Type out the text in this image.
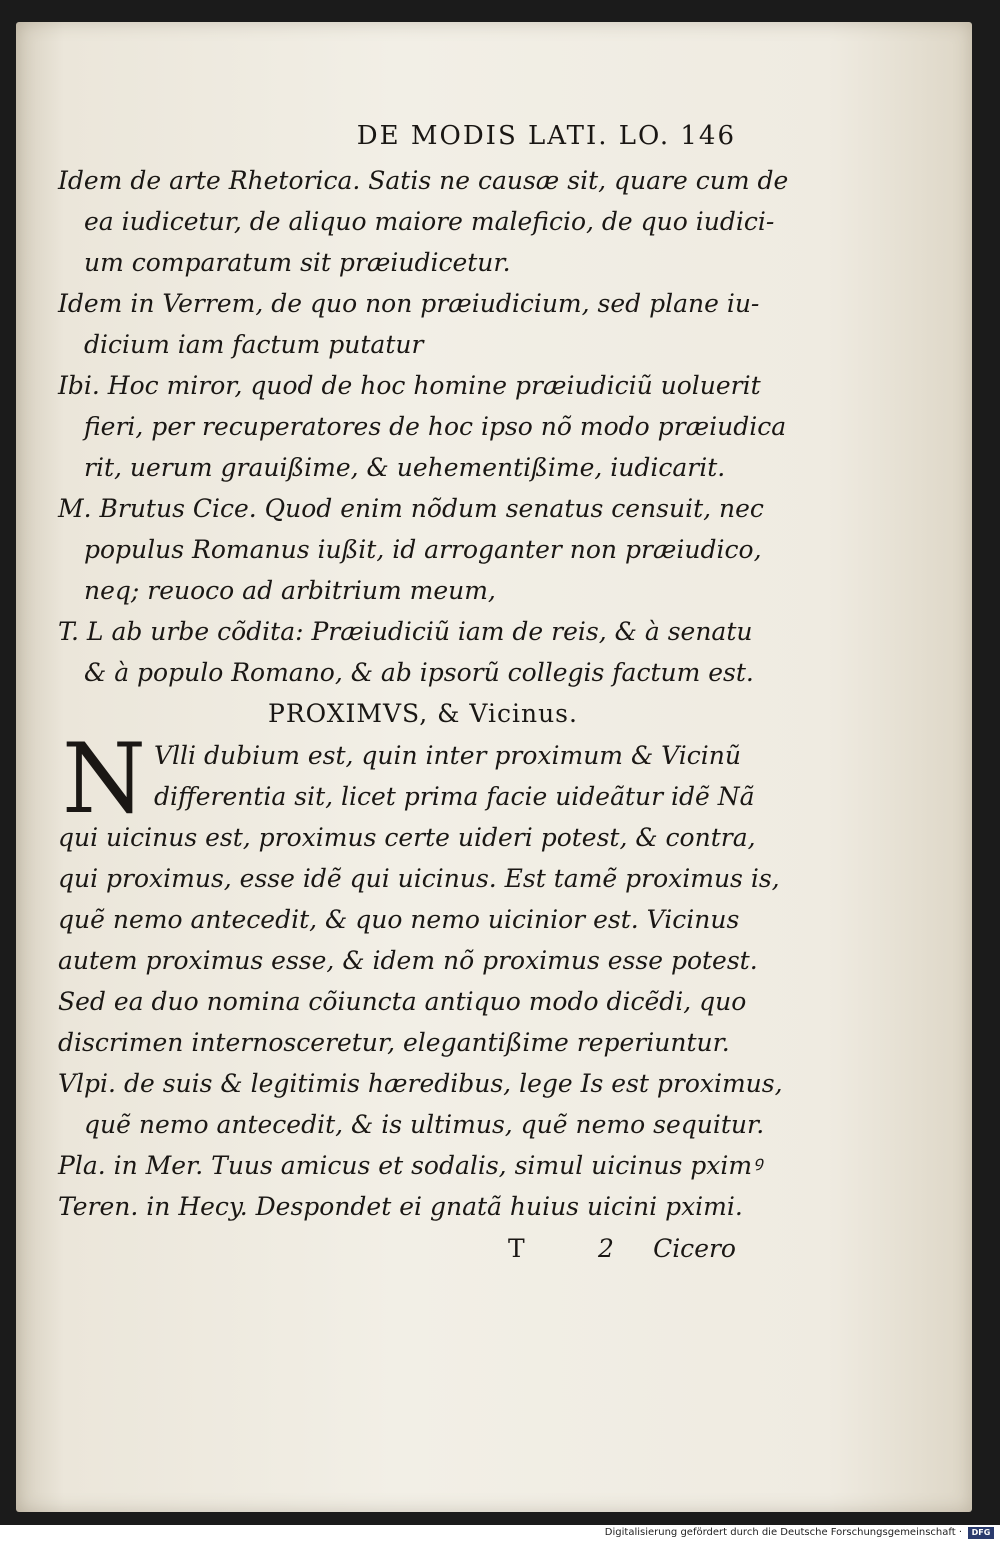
DE MODIS LATI. LO. 146
Idem de arte Rhetorica. Satis ne causæ sit, quare cum de
ea iudicetur, de aliquo maiore maleficio, de quo iudici-
um comparatum sit præiudicetur.
Idem in Verrem, de quo non præiudicium, sed plane iu-
dicium iam factum putatur
Ibi. Hoc miror, quod de hoc homine præiudiciũ uoluerit
fieri, per recuperatores de hoc ipso nõ modo præiudica
rit, uerum grauißime, & uehementißime, iudicarit.
M. Brutus Cice. Quod enim nõdum senatus censuit, nec
populus Romanus iußit, id arroganter non præiudico,
neq; reuoco ad arbitrium meum,
T. L ab urbe cõdita: Præiudiciũ iam de reis, & à senatu
& à populo Romano, & ab ipsorũ collegis factum est.
PROXIMVS, & Vicinus.
N Vlli dubium est, quin inter proximum & Vicinũ
differentia sit, licet prima facie uideãtur idẽ Nã
qui uicinus est, proximus certe uideri potest, & contra,
qui proximus, esse idẽ qui uicinus. Est tamẽ proximus is,
quẽ nemo antecedit, & quo nemo uicinior est. Vicinus
autem proximus esse, & idem nõ proximus esse potest.
Sed ea duo nomina cõiuncta antiquo modo dicẽdi, quo
discrimen internosceretur, elegantißime reperiuntur.
Vlpi. de suis & legitimis hæredibus, lege Is est proximus,
quẽ nemo antecedit, & is ultimus, quẽ nemo sequitur.
Pla. in Mer. Tuus amicus et sodalis, simul uicinus pximꝰ
Teren. in Hecy. Despondet ei gnatã huius uicini pximi.
T	2 Cicero
Digitalisierung gefördert durch die Deutsche Forschungsgemeinschaft ·	DFG
